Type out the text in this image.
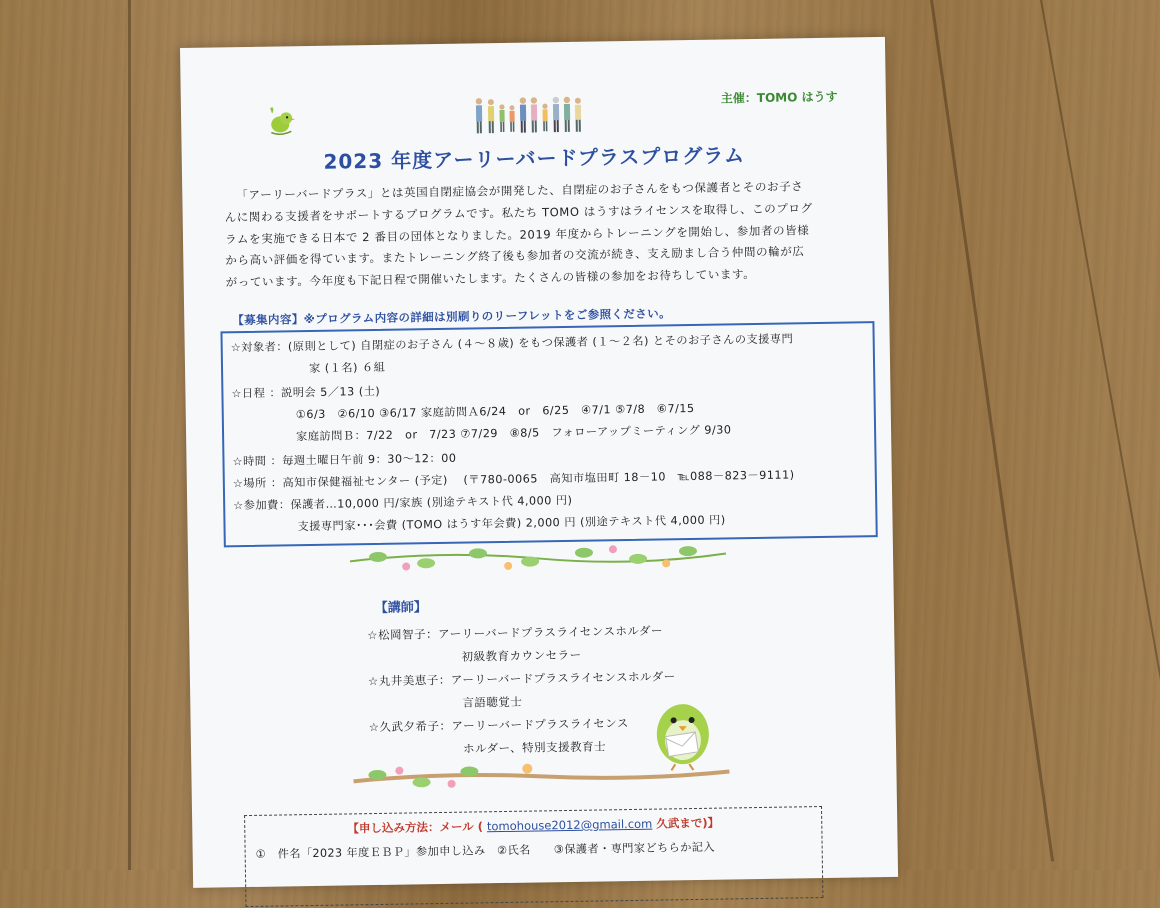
主催：TOMO はうす
2023 年度アーリーバードプラスプログラム
「アーリーバードプラス」とは英国自閉症協会が開発した、自閉症のお子さんをもつ保護者とそのお子さ
んに関わる支援者をサポートするプログラムです。私たち TOMO はうすはライセンスを取得し、このプログ
ラムを実施できる日本で 2 番目の団体となりました。2019 年度からトレーニングを開始し、参加者の皆様
から高い評価を得ています。またトレーニング終了後も参加者の交流が続き、支え励まし合う仲間の輪が広
がっています。今年度も下記日程で開催いたします。たくさんの皆様の参加をお待ちしています。
【募集内容】※プログラム内容の詳細は別刷りのリーフレットをご参照ください。
☆対象者：(原則として) 自閉症のお子さん (４～８歳) をもつ保護者 (１～２名) とそのお子さんの支援専門
家 (１名) ６組
☆日程 ：説明会 5／13 (土)
①6/3　②6/10 ③6/17 家庭訪問Ａ6/24　or　6/25　④7/1 ⑤7/8　⑥7/15
家庭訪問Ｂ：7/22　or　7/23 ⑦7/29　⑧8/5　フォローアップミーティング 9/30
☆時間 ：毎週土曜日午前 9：30～12：00
☆場所 ：高知市保健福祉センター (予定)　 (〒780-0065　高知市塩田町 18－10　℡088－823－9111)
☆参加費：保護者…10,000 円/家族 (別途テキスト代 4,000 円)
支援専門家･･･会費 (TOMO はうす年会費) 2,000 円 (別途テキスト代 4,000 円)
【講師】
☆松岡智子：アーリーバードプラスライセンスホルダー
初級教育カウンセラー
☆丸井美恵子：アーリーバードプラスライセンスホルダー
言語聴覚士
☆久武夕希子：アーリーバードプラスライセンス
ホルダー、特別支援教育士
【申し込み方法：メール ( tomohouse2012@gmail.com 久武まで)】
①　件名「2023 年度ＥＢＰ」参加申し込み　②氏名　　③保護者・専門家どちらか記入
